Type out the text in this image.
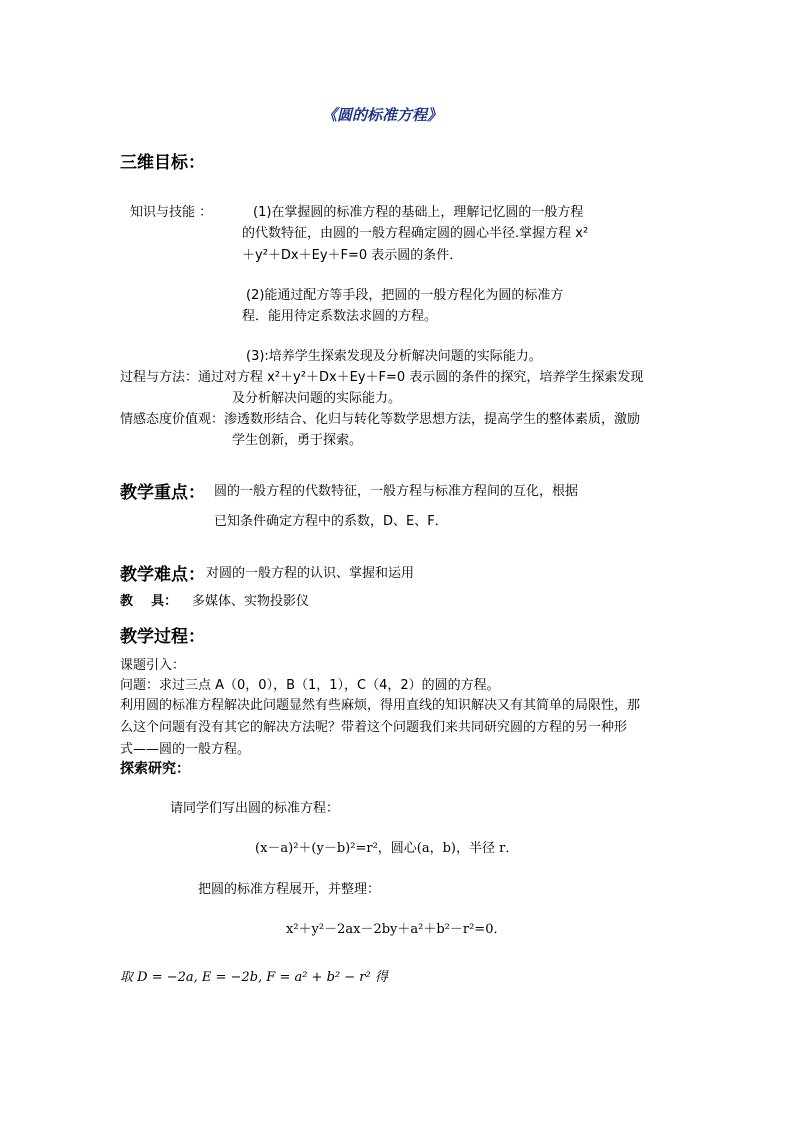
《圆的标准方程》
三维目标：
知识与技能 ：	(1)在掌握圆的标准方程的基础上，理解记忆圆的一般方程
的代数特征，由圆的一般方程确定圆的圆心半径.掌握方程 x²
＋y²＋Dx＋Ey＋F=0 表示圆的条件．
(2)能通过配方等手段，把圆的一般方程化为圆的标准方
程．能用待定系数法求圆的方程。
(3):培养学生探索发现及分析解决问题的实际能力。
过程与方法：通过对方程 x²＋y²＋Dx＋Ey＋F=0 表示圆的条件的探究，培养学生探索发现
及分析解决问题的实际能力。
情感态度价值观：渗透数形结合、化归与转化等数学思想方法，提高学生的整体素质，激励
学生创新，勇于探索。
教学重点： 圆的一般方程的代数特征，一般方程与标准方程间的互化，根据
已知条件确定方程中的系数，D、E、F．
教学难点： 对圆的一般方程的认识、掌握和运用
教    具： 多媒体、实物投影仪
教学过程：
课题引入：
问题：求过三点 A（0，0），B（1，1），C（4，2）的圆的方程。
利用圆的标准方程解决此问题显然有些麻烦，得用直线的知识解决又有其简单的局限性，那
么这个问题有没有其它的解决方法呢？带着这个问题我们来共同研究圆的方程的另一种形
式——圆的一般方程。
探索研究：
请同学们写出圆的标准方程：
(x－a)²＋(y－b)²=r²，圆心(a，b)，半径 r．
把圆的标准方程展开，并整理：
x²＋y²－2ax－2by＋a²＋b²－r²=0．
取 D = −2a, E = −2b, F = a² + b² − r² 得
